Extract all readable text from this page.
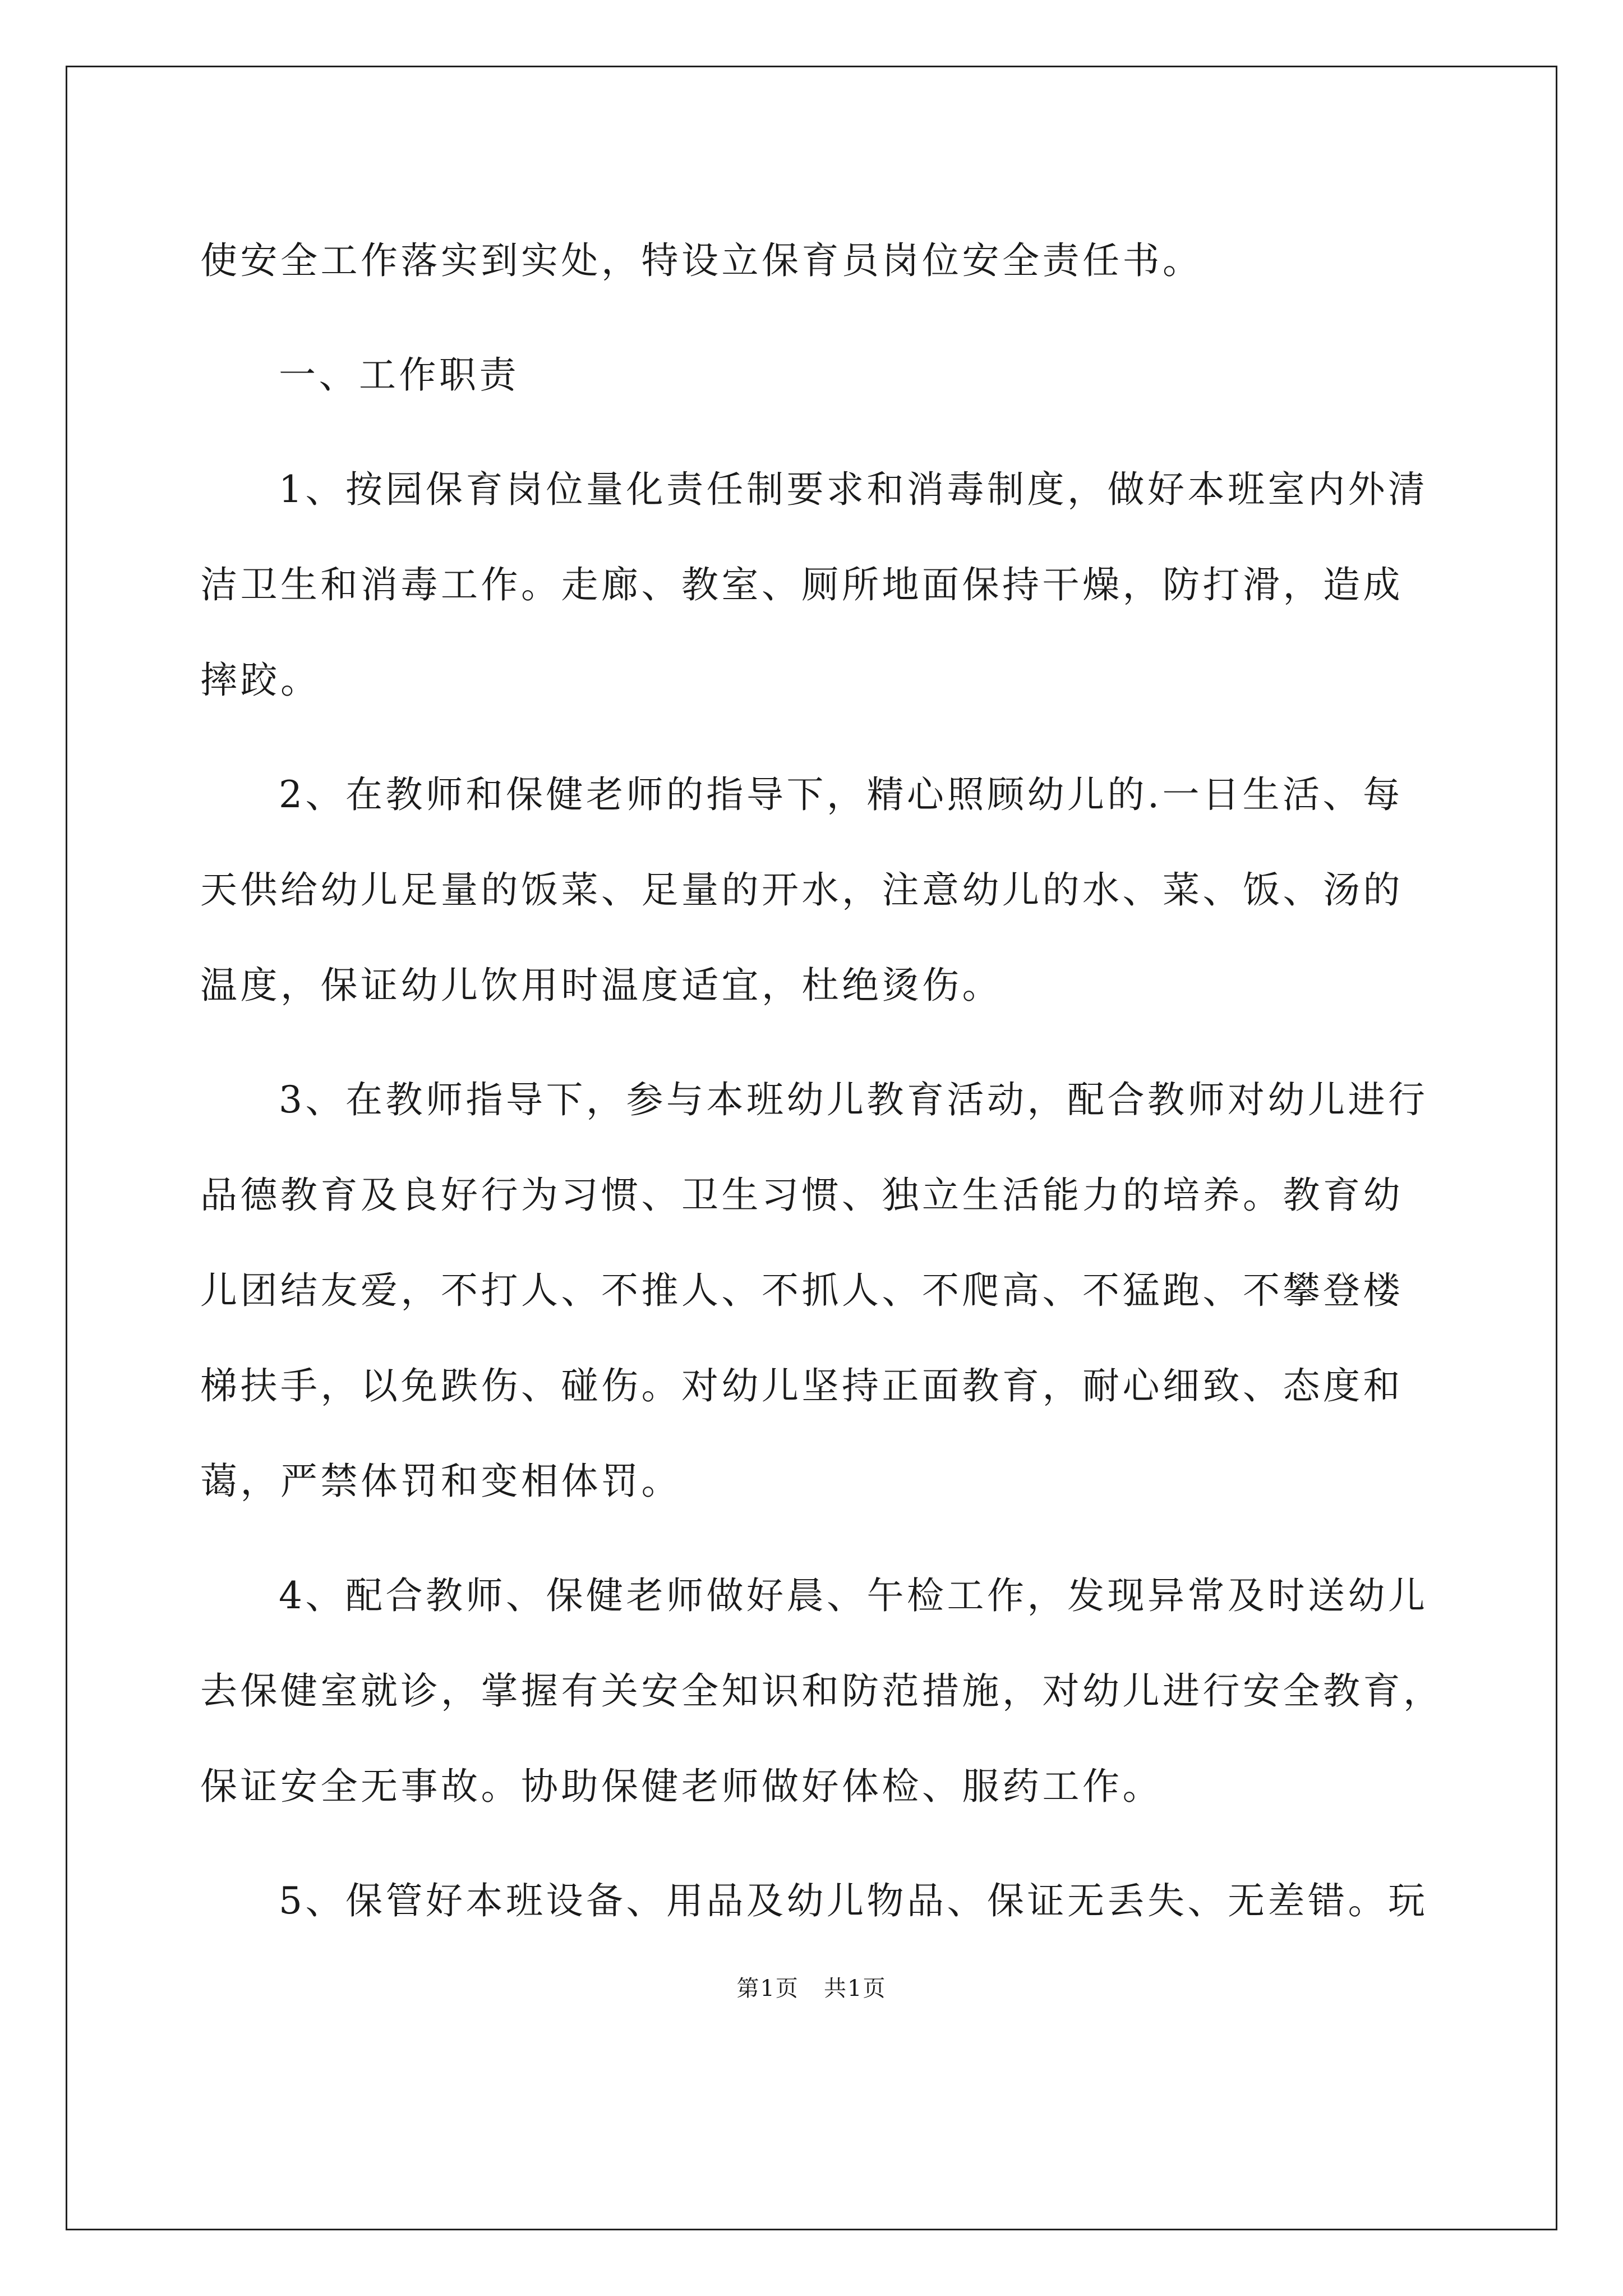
使安全工作落实到实处，特设立保育员岗位安全责任书。
一、工作职责
1、按园保育岗位量化责任制要求和消毒制度，做好本班室内外清
洁卫生和消毒工作。走廊、教室、厕所地面保持干燥，防打滑，造成
摔跤。
2、在教师和保健老师的指导下，精心照顾幼儿的.一日生活、每
天供给幼儿足量的饭菜、足量的开水，注意幼儿的水、菜、饭、汤的
温度，保证幼儿饮用时温度适宜，杜绝烫伤。
3、在教师指导下，参与本班幼儿教育活动，配合教师对幼儿进行
品德教育及良好行为习惯、卫生习惯、独立生活能力的培养。教育幼
儿团结友爱，不打人、不推人、不抓人、不爬高、不猛跑、不攀登楼
梯扶手，以免跌伤、碰伤。对幼儿坚持正面教育，耐心细致、态度和
蔼，严禁体罚和变相体罚。
4、配合教师、保健老师做好晨、午检工作，发现异常及时送幼儿
去保健室就诊，掌握有关安全知识和防范措施，对幼儿进行安全教育，
保证安全无事故。协助保健老师做好体检、服药工作。
5、保管好本班设备、用品及幼儿物品、保证无丢失、无差错。玩
第1页   共1页
